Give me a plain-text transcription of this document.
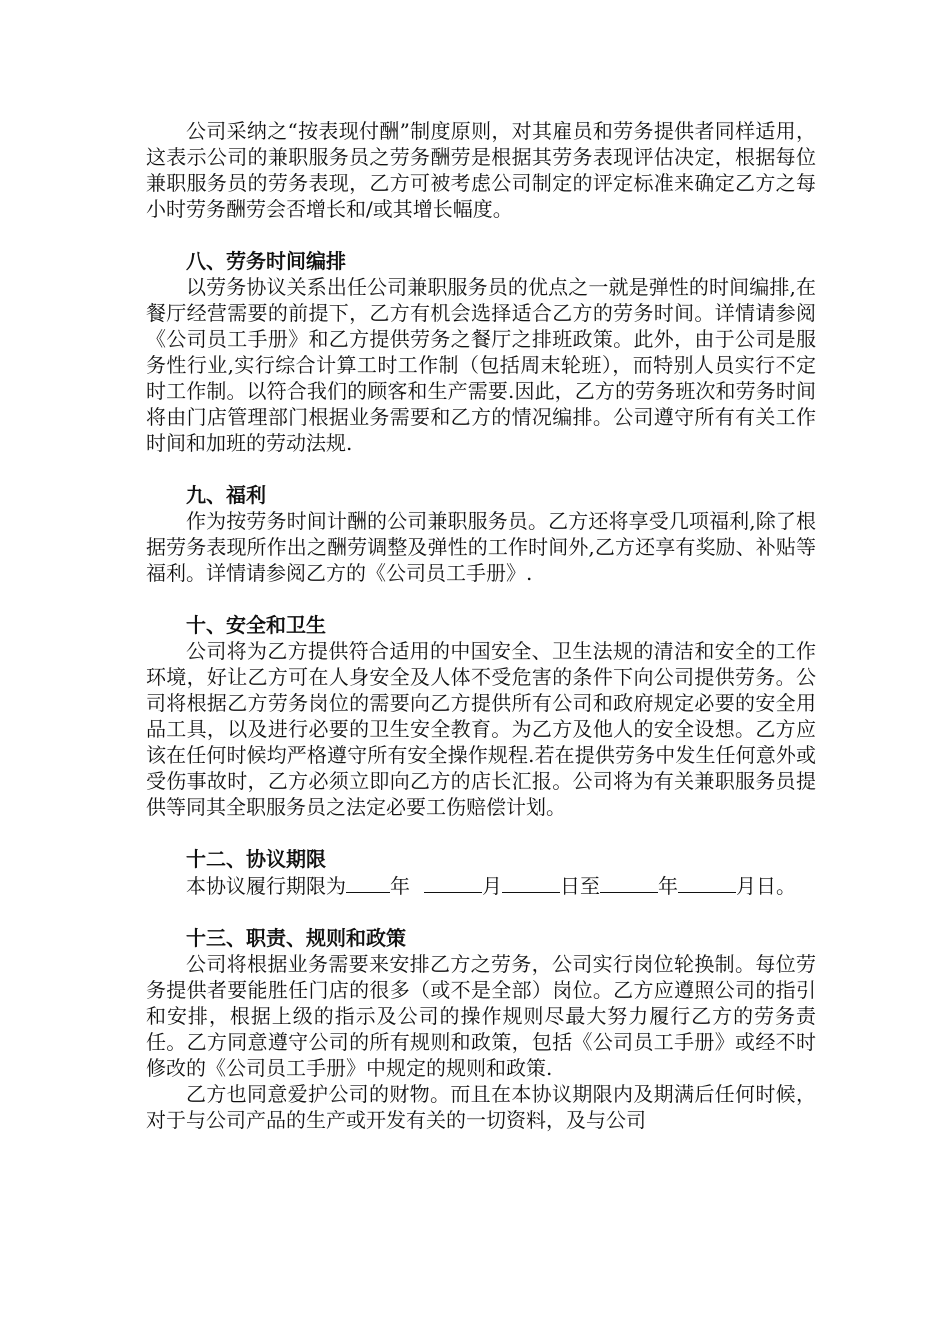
公司采纳之“按表现付酬”制度原则，对其雇员和劳务提供者同样适用，这表示公司的兼职服务员之劳务酬劳是根据其劳务表现评估决定，根据每位兼职服务员的劳务表现，乙方可被考虑公司制定的评定标准来确定乙方之每小时劳务酬劳会否增长和/或其增长幅度。

八、劳务时间编排

以劳务协议关系出任公司兼职服务员的优点之一就是弹性的时间编排,在餐厅经营需要的前提下，乙方有机会选择适合乙方的劳务时间。详情请参阅《公司员工手册》和乙方提供劳务之餐厅之排班政策。此外，由于公司是服务性行业,实行综合计算工时工作制（包括周末轮班），而特别人员实行不定时工作制。以符合我们的顾客和生产需要.因此，乙方的劳务班次和劳务时间将由门店管理部门根据业务需要和乙方的情况编排。公司遵守所有有关工作时间和加班的劳动法规.

九、福利

作为按劳务时间计酬的公司兼职服务员。乙方还将享受几项福利,除了根据劳务表现所作出之酬劳调整及弹性的工作时间外,乙方还享有奖励、补贴等福利。详情请参阅乙方的《公司员工手册》.

十、安全和卫生

公司将为乙方提供符合适用的中国安全、卫生法规的清洁和安全的工作环境，好让乙方可在人身安全及人体不受危害的条件下向公司提供劳务。公司将根据乙方劳务岗位的需要向乙方提供所有公司和政府规定必要的安全用品工具，以及进行必要的卫生安全教育。为乙方及他人的安全设想。乙方应该在任何时候均严格遵守所有安全操作规程.若在提供劳务中发生任何意外或受伤事故时，乙方必须立即向乙方的店长汇报。公司将为有关兼职服务员提供等同其全职服务员之法定必要工伤赔偿计划。

十二、协议期限

本协议履行期限为 年	月	日至	年	月日。

十三、职责、规则和政策

公司将根据业务需要来安排乙方之劳务，公司实行岗位轮换制。每位劳务提供者要能胜任门店的很多（或不是全部）岗位。乙方应遵照公司的指引和安排，根据上级的指示及公司的操作规则尽最大努力履行乙方的劳务责任。乙方同意遵守公司的所有规则和政策，包括《公司员工手册》或经不时修改的《公司员工手册》中规定的规则和政策.

乙方也同意爱护公司的财物。而且在本协议期限内及期满后任何时候，对于与公司产品的生产或开发有关的一切资料，及与公司
